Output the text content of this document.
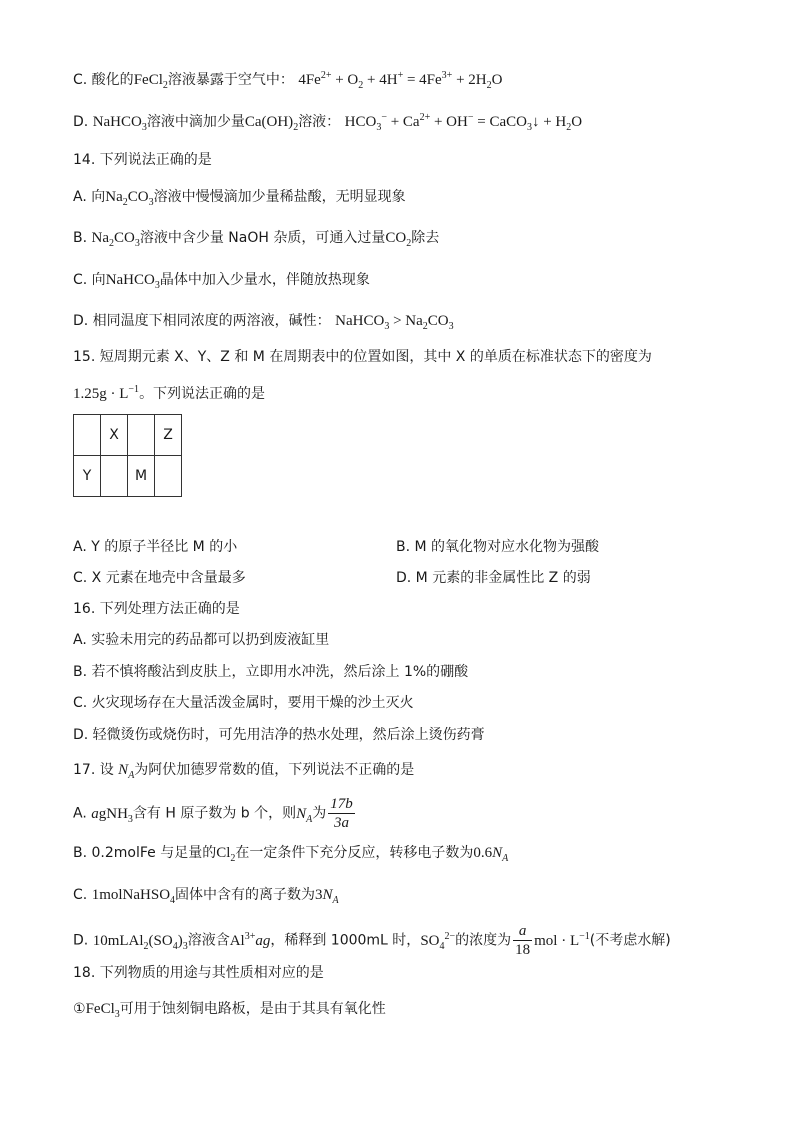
C. 酸化的FeCl$_2$溶液暴露于空气中： $4Fe^{2+} + O_2 + 4H^+ = 4Fe^{3+} + 2H_2O$
D. NaHCO$_3$溶液中滴加少量$Ca(OH)_2$溶液： $HCO_3^- + Ca^{2+} + OH^-$ = CaCO$_3$↓ + $H_2O$
14. 下列说法正确的是
A. 向$Na_2CO_3$溶液中慢慢滴加少量稀盐酸，无明显现象
B. $Na_2CO_3$溶液中含少量 NaOH 杂质，可通入过量$CO_2$除去
C. 向NaHCO$_3$晶体中加入少量水，伴随放热现象
D. 相同温度下相同浓度的两溶液，碱性： NaHCO$_3$ > $Na_2CO_3$
15. 短周期元素 X、Y、Z 和 M 在周期表中的位置如图，其中 X 的单质在标准状态下的密度为
$1.25g \cdot L^{-1}$。下列说法正确的是
	X		Z
Y		M	
A. Y 的原子半径比 M 的小	B. M 的氧化物对应水化物为强酸
C. X 元素在地壳中含量最多	D. M 元素的非金属性比 Z 的弱
16. 下列处理方法正确的是
A. 实验未用完的药品都可以扔到废液缸里
B. 若不慎将酸沾到皮肤上，立即用水冲洗，然后涂上 1%的硼酸
C. 火灾现场存在大量活泼金属时，要用干燥的沙土灭火
D. 轻微烫伤或烧伤时，可先用洁净的热水处理，然后涂上烫伤药膏
17. 设 $N_A$为阿伏加德罗常数的值，下列说法不正确的是
A. agNH$_3$含有 H 原子数为 b 个，则$N_A$为 $\frac{17b}{3a}$
B. 0.2molFe 与足量的$Cl_2$在一定条件下充分反应，转移电子数为$0.6N_A$
C. 1molNaHSO$_4$固体中含有的离子数为$3N_A$
D. $10mLAl_2(SO_4)_3$溶液含$Al^{3+}ag$，稀释到 1000mL 时，$SO_4^{2-}$的浓度为 $\frac{a}{18}$ mol · $L^{-1}$(不考虑水解)
18. 下列物质的用途与其性质相对应的是
①FeCl$_3$可用于蚀刻铜电路板，是由于其具有氧化性
